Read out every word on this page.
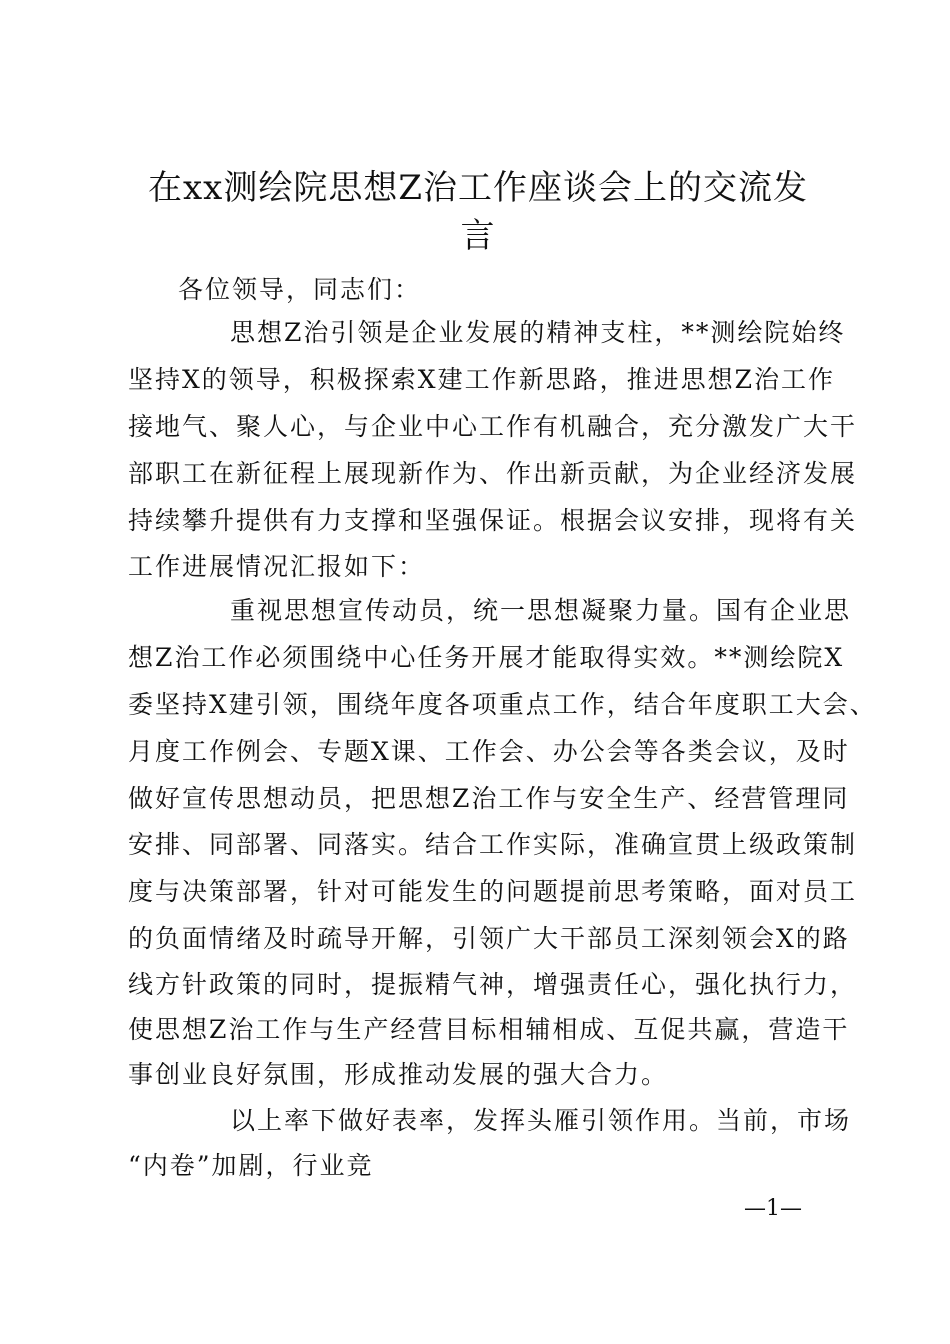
在xx测绘院思想Z治工作座谈会上的交流发
言
各位领导，同志们：
思想Z治引领是企业发展的精神支柱，**测绘院始终
坚持X的领导，积极探索X建工作新思路，推进思想Z治工作
接地气、聚人心，与企业中心工作有机融合，充分激发广大干
部职工在新征程上展现新作为、作出新贡献，为企业经济发展
持续攀升提供有力支撑和坚强保证。根据会议安排，现将有关
工作进展情况汇报如下：
重视思想宣传动员，统一思想凝聚力量。国有企业思
想Z治工作必须围绕中心任务开展才能取得实效。**测绘院X
委坚持X建引领，围绕年度各项重点工作，结合年度职工大会、
月度工作例会、专题X课、工作会、办公会等各类会议，及时
做好宣传思想动员，把思想Z治工作与安全生产、经营管理同
安排、同部署、同落实。结合工作实际，准确宣贯上级政策制
度与决策部署，针对可能发生的问题提前思考策略，面对员工
的负面情绪及时疏导开解，引领广大干部员工深刻领会X的路
线方针政策的同时，提振精气神，增强责任心，强化执行力，
使思想Z治工作与生产经营目标相辅相成、互促共赢，营造干
事创业良好氛围，形成推动发展的强大合力。
以上率下做好表率，发挥头雁引领作用。当前，市场
“内卷”加剧，行业竞
—1—
